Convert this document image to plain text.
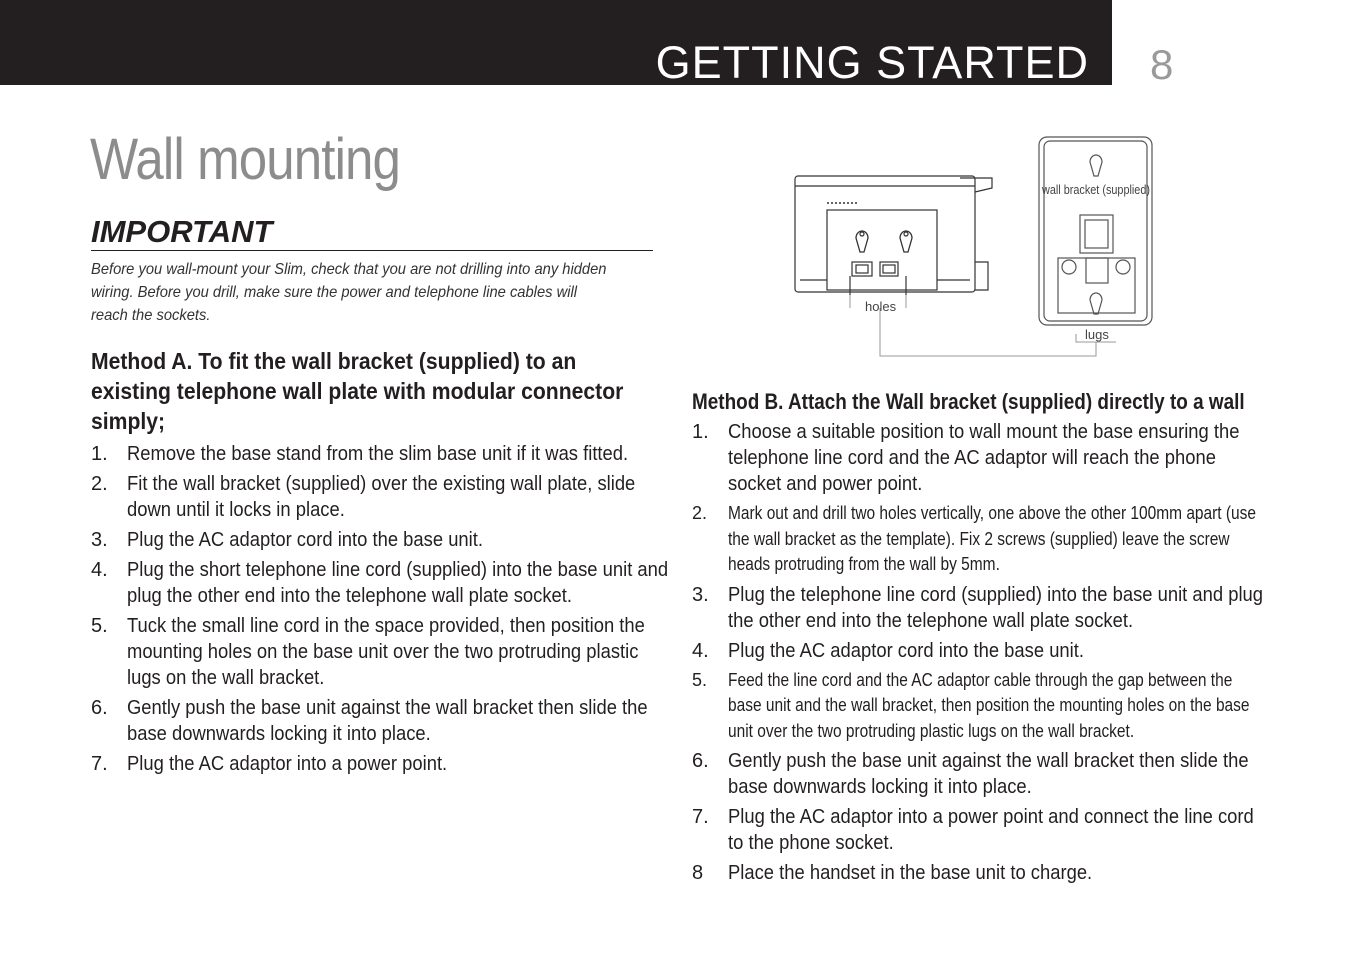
GETTING STARTED 8
Wall mounting
IMPORTANT
Before you wall-mount your Slim, check that you are not drilling into any hidden wiring. Before you drill, make sure the power and telephone line cables will reach the sockets.
Method A. To fit the wall bracket (supplied) to an existing telephone wall plate with modular connector simply;
1. Remove the base stand from the slim base unit if it was fitted.
2. Fit the wall bracket (supplied) over the existing wall plate, slide down until it locks in place.
3. Plug the AC adaptor cord into the base unit.
4. Plug the short telephone line cord (supplied) into the base unit and plug the other end into the telephone wall plate socket.
5. Tuck the small line cord in the space provided, then position the mounting holes on the base unit over the two protruding plastic lugs on the wall bracket.
6. Gently push the base unit against the wall bracket then slide the base downwards locking it into place.
7. Plug the AC adaptor into a power point.
wall bracket (supplied)
holes
lugs
Method B. Attach the Wall bracket (supplied) directly to a wall
1. Choose a suitable position to wall mount the base ensuring the telephone line cord and the AC adaptor will reach the phone socket and power point.
2. Mark out and drill two holes vertically, one above the other 100mm apart (use the wall bracket as the template). Fix 2 screws (supplied) leave the screw heads protruding from the wall by 5mm.
3. Plug the telephone line cord (supplied) into the base unit and plug the other end into the telephone wall plate socket.
4. Plug the AC adaptor cord into the base unit.
5. Feed the line cord and the AC adaptor cable through the gap between the base unit and the wall bracket, then position the mounting holes on the base unit over the two protruding plastic lugs on the wall bracket.
6. Gently push the base unit against the wall bracket then slide the base downwards locking it into place.
7. Plug the AC adaptor into a power point and connect the line cord to the phone socket.
8 Place the handset in the base unit to charge.
